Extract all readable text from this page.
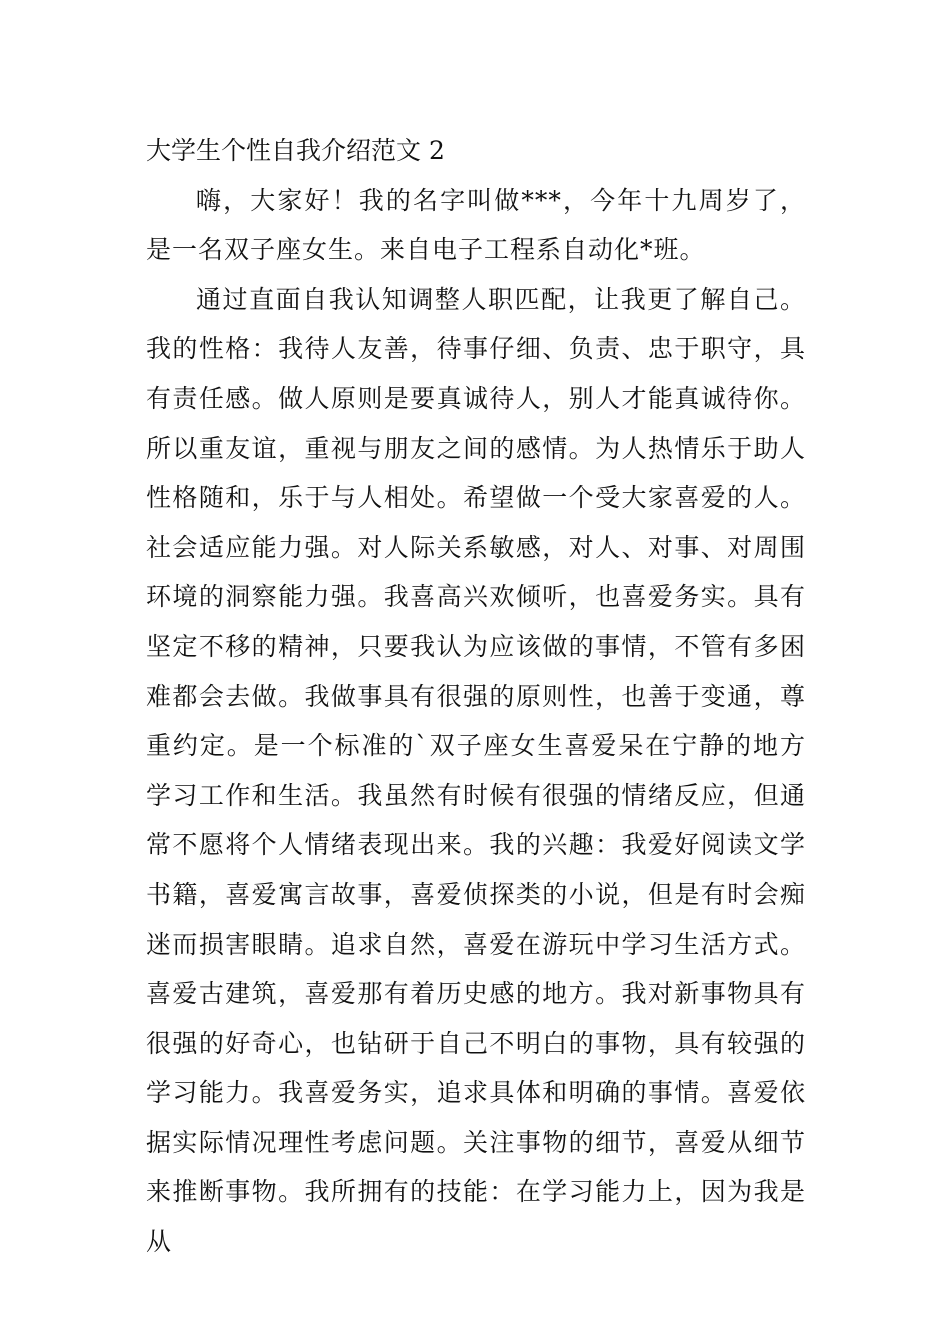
大学生个性自我介绍范文 2

嗨，大家好！我的名字叫做***，今年十九周岁了，是一名双子座女生。来自电子工程系自动化*班。

通过直面自我认知调整人职匹配，让我更了解自己。我的性格：我待人友善，待事仔细、负责、忠于职守，具有责任感。做人原则是要真诚待人，别人才能真诚待你。所以重友谊，重视与朋友之间的感情。为人热情乐于助人性格随和，乐于与人相处。希望做一个受大家喜爱的人。社会适应能力强。对人际关系敏感，对人、对事、对周围环境的洞察能力强。我喜高兴欢倾听，也喜爱务实。具有坚定不移的精神，只要我认为应该做的事情，不管有多困难都会去做。我做事具有很强的原则性，也善于变通，尊重约定。是一个标准的`双子座女生喜爱呆在宁静的地方学习工作和生活。我虽然有时候有很强的情绪反应，但通常不愿将个人情绪表现出来。我的兴趣：我爱好阅读文学书籍，喜爱寓言故事，喜爱侦探类的小说，但是有时会痴迷而损害眼睛。追求自然，喜爱在游玩中学习生活方式。喜爱古建筑，喜爱那有着历史感的地方。我对新事物具有很强的好奇心，也钻研于自己不明白的事物，具有较强的学习能力。我喜爱务实，追求具体和明确的事情。喜爱依据实际情况理性考虑问题。关注事物的细节，喜爱从细节来推断事物。我所拥有的技能：在学习能力上，因为我是从
